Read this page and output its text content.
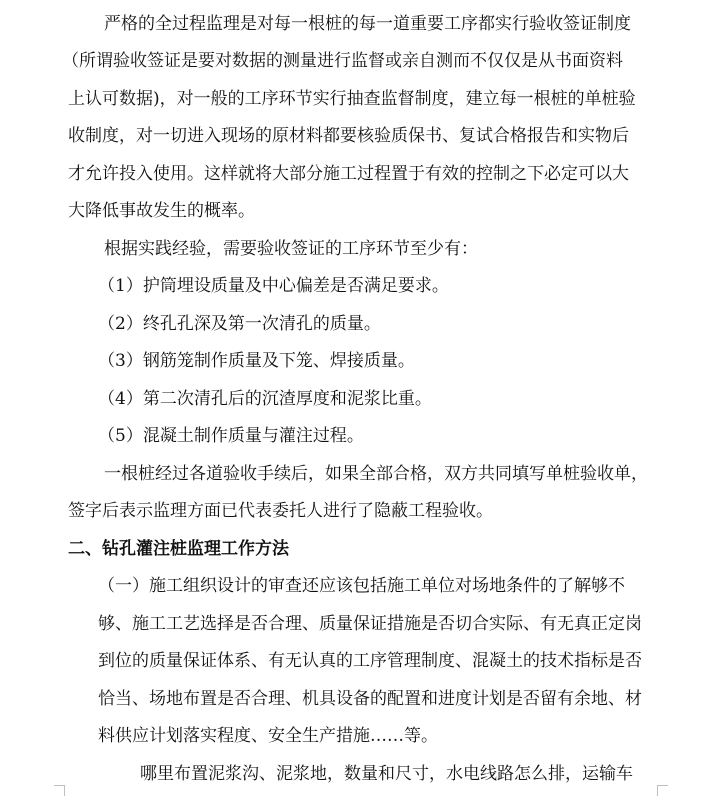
严格的全过程监理是对每一根桩的每一道重要工序都实行验收签证制度
（所谓验收签证是要对数据的测量进行监督或亲自测而不仅仅是从书面资料
上认可数据)，对一般的工序环节实行抽查监督制度，建立每一根桩的单桩验
收制度，对一切进入现场的原材料都要核验质保书、复试合格报告和实物后
才允许投入使用。这样就将大部分施工过程置于有效的控制之下必定可以大
大降低事故发生的概率。
根据实践经验，需要验收签证的工序环节至少有：
（1）护筒埋设质量及中心偏差是否满足要求。
（2）终孔孔深及第一次清孔的质量。
（3）钢筋笼制作质量及下笼、焊接质量。
（4）第二次清孔后的沉渣厚度和泥浆比重。
（5）混凝土制作质量与灌注过程。
一根桩经过各道验收手续后，如果全部合格，双方共同填写单桩验收单，
签字后表示监理方面已代表委托人进行了隐蔽工程验收。
二、钻孔灌注桩监理工作方法
（一）施工组织设计的审查还应该包括施工单位对场地条件的了解够不
够、施工工艺选择是否合理、质量保证措施是否切合实际、有无真正定岗
到位的质量保证体系、有无认真的工序管理制度、混凝土的技术指标是否
恰当、场地布置是否合理、机具设备的配置和进度计划是否留有余地、材
料供应计划落实程度、安全生产措施……等。
哪里布置泥浆沟、泥浆地，数量和尺寸，水电线路怎么排，运输车
